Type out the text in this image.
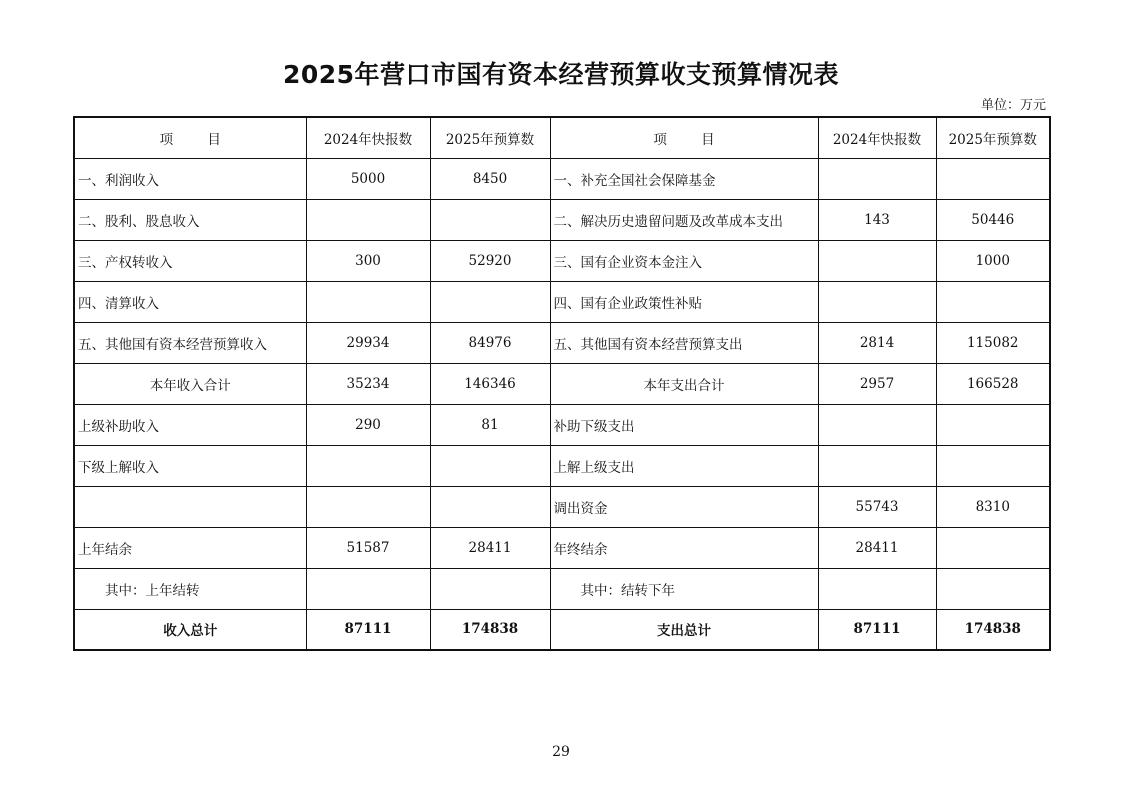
2025年营口市国有资本经营预算收支预算情况表
单位：万元
项 目	2024年快报数	2025年预算数	项 目	2024年快报数	2025年预算数
一、利润收入	5000	8450	一、补充全国社会保障基金		
二、股利、股息收入			二、解决历史遗留问题及改革成本支出	143	50446
三、产权转收入	300	52920	三、国有企业资本金注入		1000
四、清算收入			四、国有企业政策性补贴		
五、其他国有资本经营预算收入	29934	84976	五、其他国有资本经营预算支出	2814	115082
本年收入合计	35234	146346	本年支出合计	2957	166528
上级补助收入	290	81	补助下级支出		
下级上解收入			上解上级支出		
			调出资金	55743	8310
上年结余	51587	28411	年终结余	28411	
其中：上年结转			其中：结转下年		
收入总计	87111	174838	支出总计	87111	174838
29
